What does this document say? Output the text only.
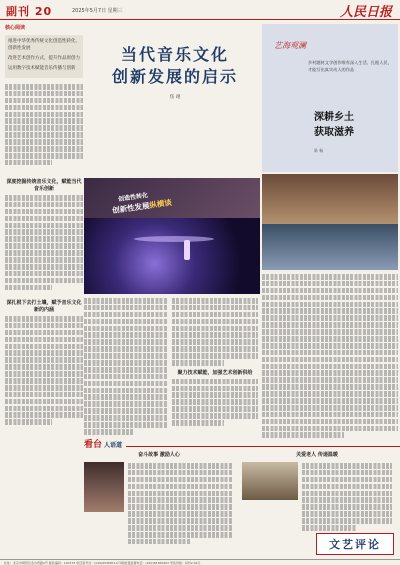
副刊 20	2025年5月7日 星期三	人民日报
核心阅读

推进中华优秀传统文化创造性转化、创新性发展

改进艺术创作方式，提升作品原创力

运用数字技术赋能音乐传播与创新

深度挖掘传统音乐文化，赋能当代音乐创新
深扎根下去打土壤，赋予音乐文化新的内涵
当代音乐文化
创新发展的启示
焦 翊
艺海观澜
乡村题材文学创作唯有深入生活、扎根人民，才能写出真实动人的作品
深耕乡土
获取滋养
陈 畅
创造性转化
创新性发展纵横谈
聚力技术赋能，加强艺术创新供给
看台 人语道
奋斗故事 激励人心	关爱老人 传递温暖
文艺评论
社址：北京市朝阳区金台西路2号 邮政编码：100733 电话查号台：(010)65368114 印刷质量监督电话：(010)65369463 零售价格：每份2.00元
